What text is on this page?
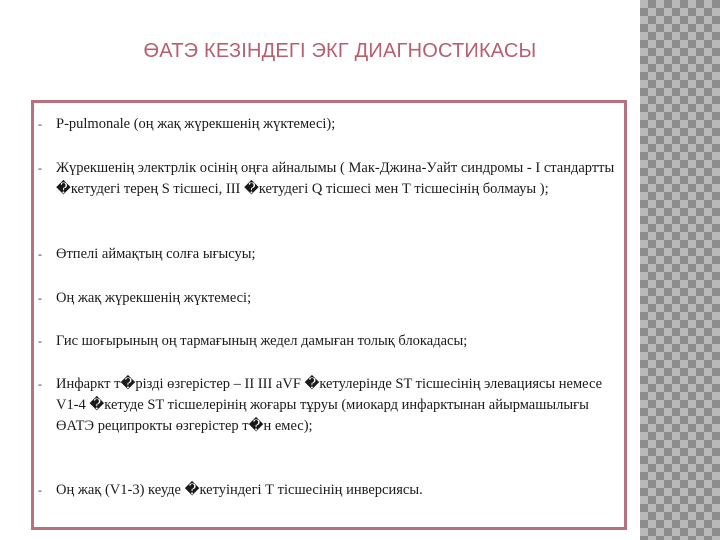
ӨАТЭ КЕЗІНДЕГІ ЭКГ ДИАГНОСТИКАСЫ
- P-pulmonale (оң жақ жүрекшенің жүктемесі);
- Жүрекшенің электрлік осінің оңға айналымы ( Мак-Джина-Уайт синдромы - I стандартты �кетудегі терең S тісшесі, III �кетудегі Q тісшесі мен Т тісшесінің болмауы );
- Өтпелі аймақтың солға ығысуы;
- Оң жақ жүрекшенің жүктемесі;
- Гис шоғырының оң тармағының жедел дамыған толық блокадасы;
- Инфаркт т�різді өзгерістер – II III aVF �кетулерінде ST тісшесінің элевациясы немесе V1-4 �кетуде ST тісшелерінің жоғары тұруы (миокард инфарктынан айырмашылығы ӨАТЭ реципрокты өзгерістер т�н емес);
- Оң жақ (V1-3) кеуде �кетуіндегі Т тісшесінің инверсиясы.
